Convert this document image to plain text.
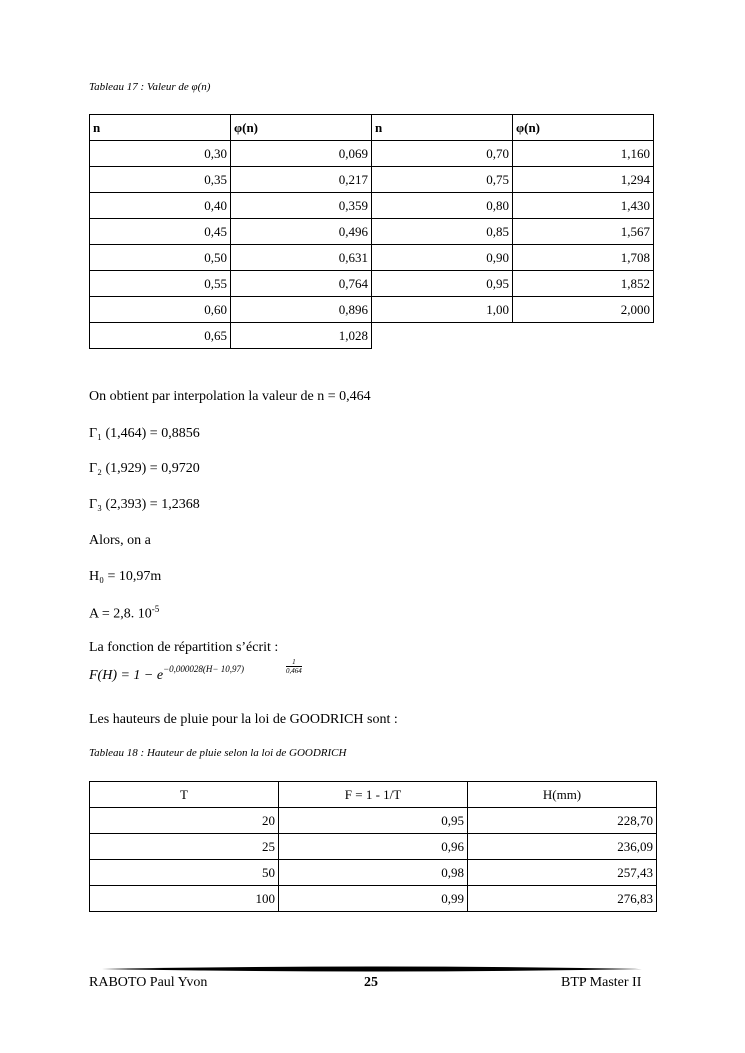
Tableau 17 : Valeur de φ(n)
n	φ(n)	n	φ(n)
0,30	0,069	0,70	1,160
0,35	0,217	0,75	1,294
0,40	0,359	0,80	1,430
0,45	0,496	0,85	1,567
0,50	0,631	0,90	1,708
0,55	0,764	0,95	1,852
0,60	0,896	1,00	2,000
0,65	1,028		
On obtient par interpolation la valeur de n = 0,464
Γ₁ (1,464) = 0,8856
Γ₂ (1,929) = 0,9720
Γ₃ (2,393) = 1,2368
Alors, on a
H₀ = 10,97m
A = 2,8. $10^{-5}$
La fonction de répartition s’écrit :
$F(H) = 1 - e^{-0,000028(H- 10,97)}$	$\frac{1}{0,464}$
Les hauteurs de pluie pour la loi de GOODRICH sont :
Tableau 18 : Hauteur de pluie selon la loi de GOODRICH
T	F = 1 - 1/T	H(mm)
20	0,95	228,70
25	0,96	236,09
50	0,98	257,43
100	0,99	276,83
RABOTO Paul Yvon	25	BTP Master II
